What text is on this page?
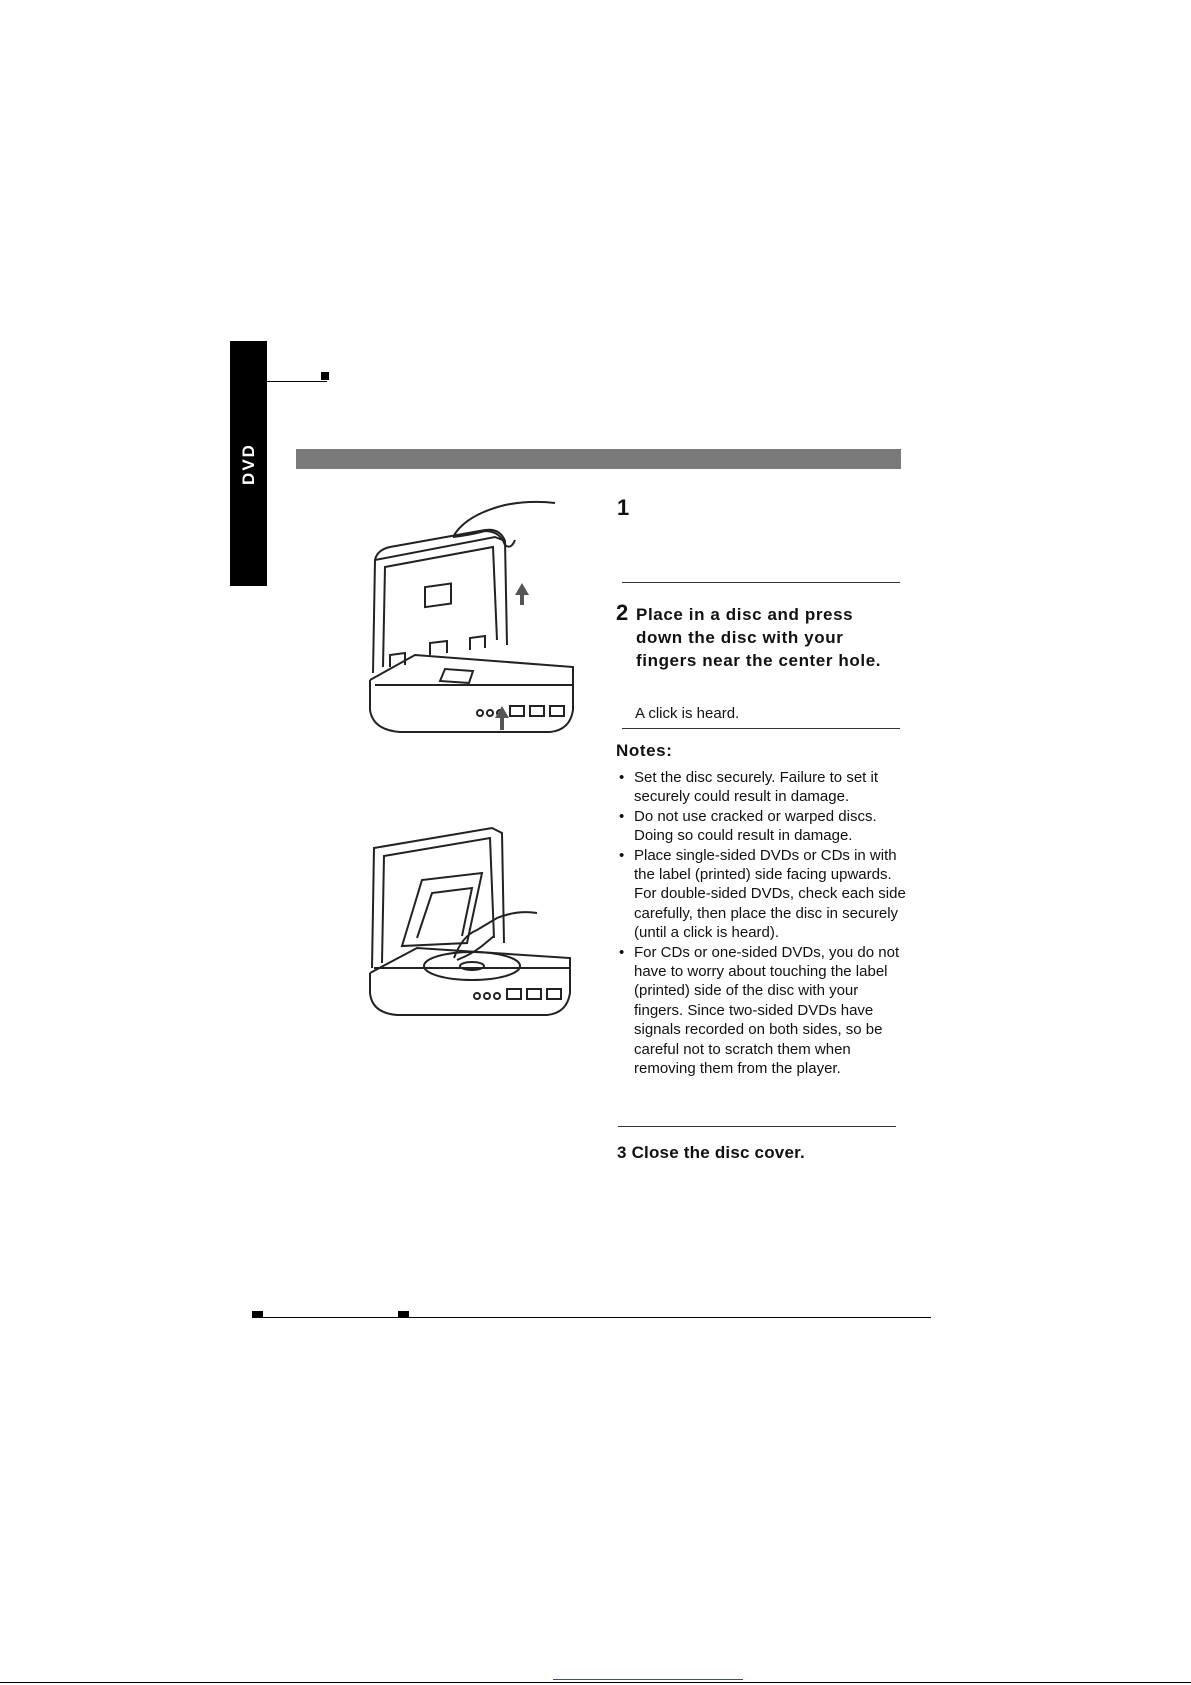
DVD
1
2 Place in a disc and press down the disc with your fingers near the center hole.
A click is heard.
Notes:

• Set the disc securely. Failure to set it securely could result in damage.

• Do not use cracked or warped discs. Doing so could result in damage.

• Place single-sided DVDs or CDs in with the label (printed) side facing upwards.

For double-sided DVDs, check each side carefully, then place the disc in securely (until a click is heard).

• For CDs or one-sided DVDs, you do not have to worry about touching the label (printed) side of the disc with your fingers. Since two-sided DVDs have signals recorded on both sides, so be careful not to scratch them when removing them from the player.

3 Close the disc cover.
